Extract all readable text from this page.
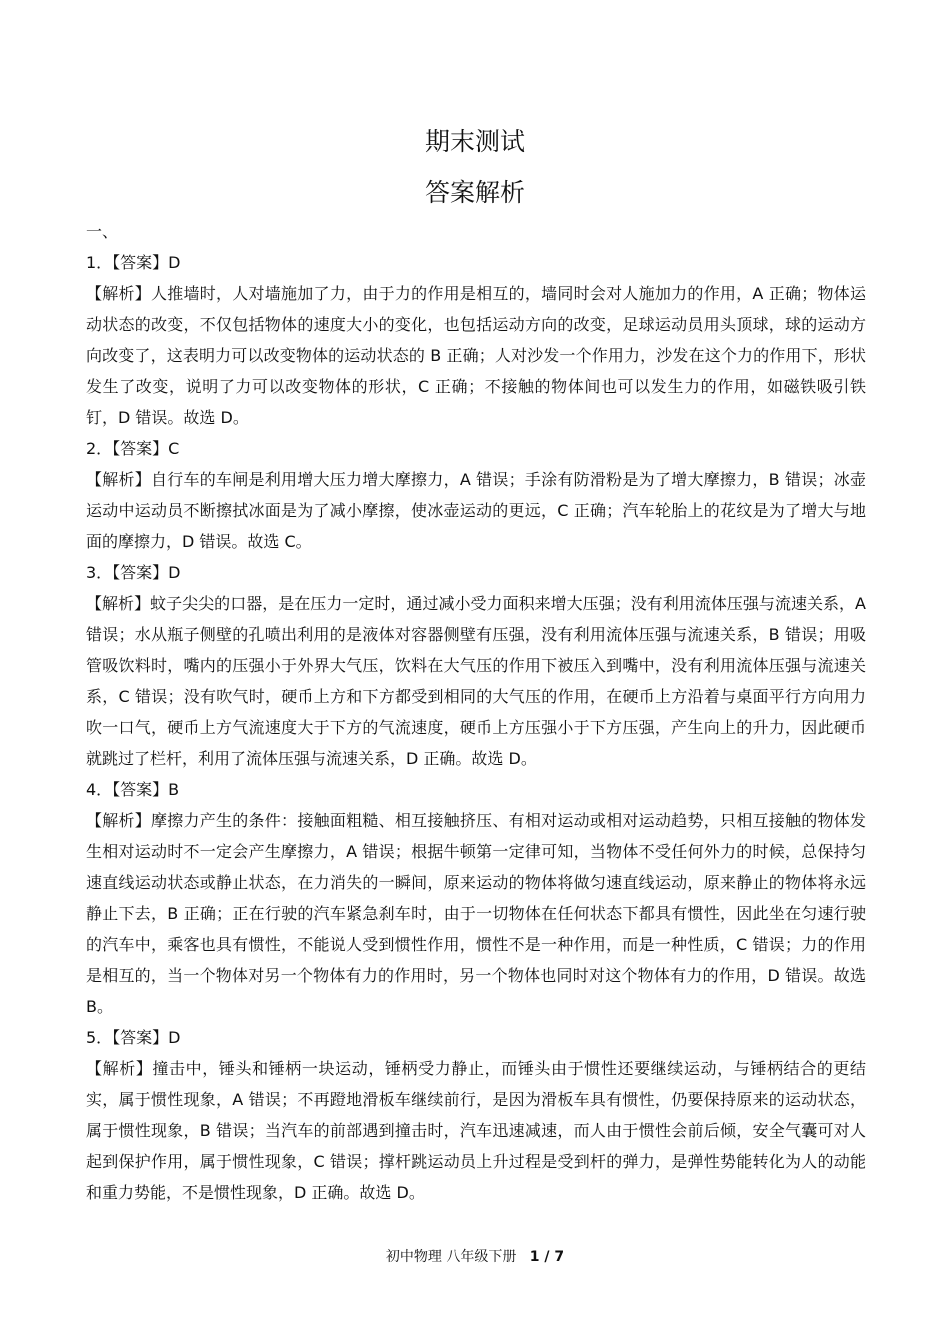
期末测试
答案解析

一、

1．【答案】D

【解析】人推墙时，人对墙施加了力，由于力的作用是相互的，墙同时会对人施加力的作用，A 正确；物体运动状态的改变，不仅包括物体的速度大小的变化，也包括运动方向的改变，足球运动员用头顶球，球的运动方向改变了，这表明力可以改变物体的运动状态的 B 正确；人对沙发一个作用力，沙发在这个力的作用下，形状发生了改变，说明了力可以改变物体的形状，C 正确；不接触的物体间也可以发生力的作用，如磁铁吸引铁钉，D 错误。故选 D。

2．【答案】C

【解析】自行车的车闸是利用增大压力增大摩擦力，A 错误；手涂有防滑粉是为了增大摩擦力，B 错误；冰壶运动中运动员不断擦拭冰面是为了减小摩擦，使冰壶运动的更远，C 正确；汽车轮胎上的花纹是为了增大与地面的摩擦力，D 错误。故选 C。

3．【答案】D

【解析】蚊子尖尖的口器，是在压力一定时，通过减小受力面积来增大压强；没有利用流体压强与流速关系，A 错误；水从瓶子侧壁的孔喷出利用的是液体对容器侧壁有压强，没有利用流体压强与流速关系，B 错误；用吸管吸饮料时，嘴内的压强小于外界大气压，饮料在大气压的作用下被压入到嘴中，没有利用流体压强与流速关系，C 错误；没有吹气时，硬币上方和下方都受到相同的大气压的作用，在硬币上方沿着与桌面平行方向用力吹一口气，硬币上方气流速度大于下方的气流速度，硬币上方压强小于下方压强，产生向上的升力，因此硬币就跳过了栏杆，利用了流体压强与流速关系，D 正确。故选 D。

4．【答案】B

【解析】摩擦力产生的条件：接触面粗糙、相互接触挤压、有相对运动或相对运动趋势，只相互接触的物体发生相对运动时不一定会产生摩擦力，A 错误；根据牛顿第一定律可知，当物体不受任何外力的时候，总保持匀速直线运动状态或静止状态，在力消失的一瞬间，原来运动的物体将做匀速直线运动，原来静止的物体将永远静止下去，B 正确；正在行驶的汽车紧急刹车时，由于一切物体在任何状态下都具有惯性，因此坐在匀速行驶的汽车中，乘客也具有惯性，不能说人受到惯性作用，惯性不是一种作用，而是一种性质，C 错误；力的作用是相互的，当一个物体对另一个物体有力的作用时，另一个物体也同时对这个物体有力的作用，D 错误。故选 B。

5．【答案】D

【解析】撞击中，锤头和锤柄一块运动，锤柄受力静止，而锤头由于惯性还要继续运动，与锤柄结合的更结实，属于惯性现象，A 错误；不再蹬地滑板车继续前行，是因为滑板车具有惯性，仍要保持原来的运动状态，属于惯性现象，B 错误；当汽车的前部遇到撞击时，汽车迅速减速，而人由于惯性会前后倾，安全气囊可对人起到保护作用，属于惯性现象，C 错误；撑杆跳运动员上升过程是受到杆的弹力，是弹性势能转化为人的动能和重力势能，不是惯性现象，D 正确。故选 D。

初中物理 八年级下册 1 / 7
